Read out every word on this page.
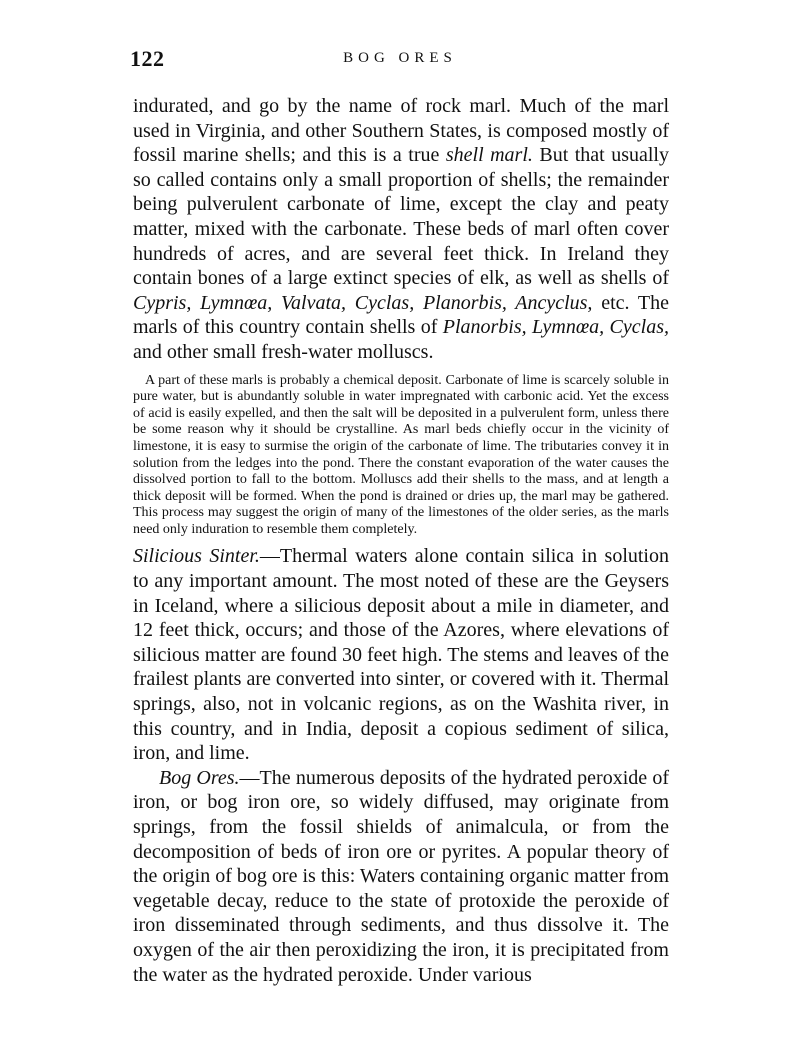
122	BOG ORES

indurated, and go by the name of rock marl. Much of the marl used in Virginia, and other Southern States, is composed mostly of fossil marine shells; and this is a true shell marl. But that usually so called contains only a small proportion of shells; the remainder being pulverulent carbonate of lime, except the clay and peaty matter, mixed with the carbonate. These beds of marl often cover hundreds of acres, and are several feet thick. In Ireland they contain bones of a large extinct species of elk, as well as shells of Cypris, Lymnœa, Valvata, Cyclas, Planorbis, Ancyclus, etc. The marls of this country contain shells of Planorbis, Lymnœa, Cyclas, and other small fresh-water molluscs.

A part of these marls is probably a chemical deposit. Carbonate of lime is scarcely soluble in pure water, but is abundantly soluble in water impregnated with carbonic acid. Yet the excess of acid is easily expelled, and then the salt will be deposited in a pulverulent form, unless there be some reason why it should be crystalline. As marl beds chiefly occur in the vicinity of limestone, it is easy to surmise the origin of the carbonate of lime. The tributaries convey it in solution from the ledges into the pond. There the constant evaporation of the water causes the dissolved portion to fall to the bottom. Molluscs add their shells to the mass, and at length a thick deposit will be formed. When the pond is drained or dries up, the marl may be gathered. This process may suggest the origin of many of the limestones of the older series, as the marls need only induration to resemble them completely.

Silicious Sinter.—Thermal waters alone contain silica in solution to any important amount. The most noted of these are the Geysers in Iceland, where a silicious deposit about a mile in diameter, and 12 feet thick, occurs; and those of the Azores, where elevations of silicious matter are found 30 feet high. The stems and leaves of the frailest plants are converted into sinter, or covered with it. Thermal springs, also, not in volcanic regions, as on the Washita river, in this country, and in India, deposit a copious sediment of silica, iron, and lime.

Bog Ores.—The numerous deposits of the hydrated peroxide of iron, or bog iron ore, so widely diffused, may originate from springs, from the fossil shields of animalcula, or from the decomposition of beds of iron ore or pyrites. A popular theory of the origin of bog ore is this: Waters containing organic matter from vegetable decay, reduce to the state of protoxide the peroxide of iron disseminated through sediments, and thus dissolve it. The oxygen of the air then peroxidizing the iron, it is precipitated from the water as the hydrated peroxide. Under various
